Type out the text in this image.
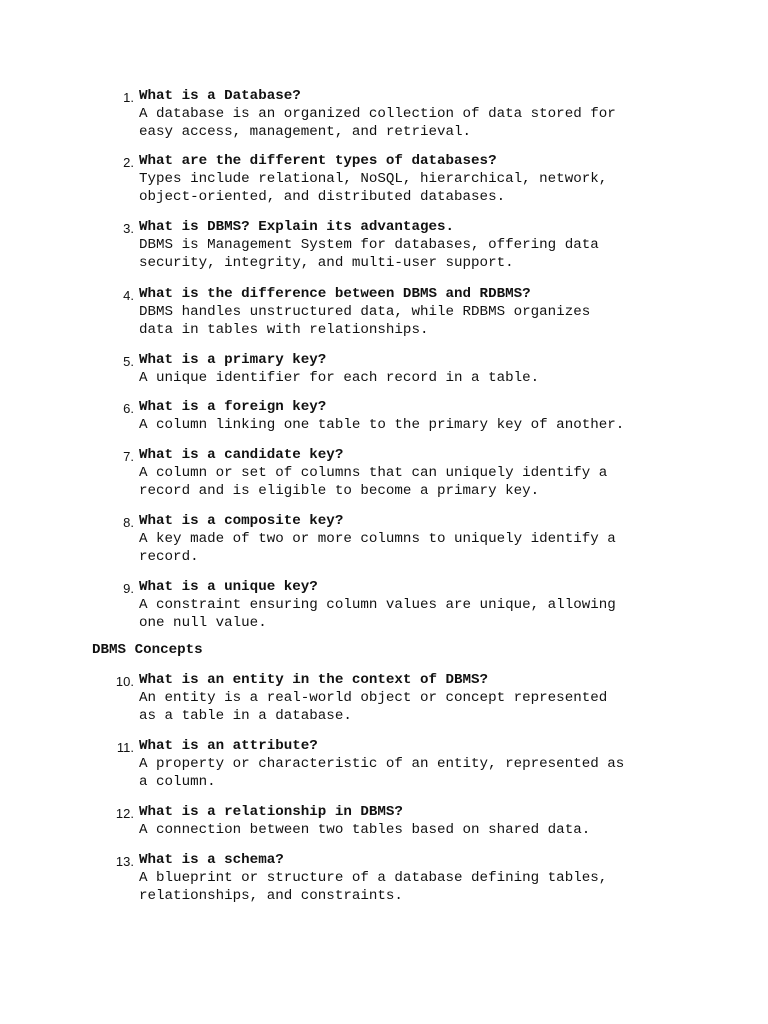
1. What is a Database?
A database is an organized collection of data stored for
easy access, management, and retrieval.
2. What are the different types of databases?
Types include relational, NoSQL, hierarchical, network,
object-oriented, and distributed databases.
3. What is DBMS? Explain its advantages.
DBMS is Management System for databases, offering data
security, integrity, and multi-user support.
4. What is the difference between DBMS and RDBMS?
DBMS handles unstructured data, while RDBMS organizes
data in tables with relationships.
5. What is a primary key?
A unique identifier for each record in a table.
6. What is a foreign key?
A column linking one table to the primary key of another.
7. What is a candidate key?
A column or set of columns that can uniquely identify a
record and is eligible to become a primary key.
8. What is a composite key?
A key made of two or more columns to uniquely identify a
record.
9. What is a unique key?
A constraint ensuring column values are unique, allowing
one null value.
DBMS Concepts
10. What is an entity in the context of DBMS?
An entity is a real-world object or concept represented
as a table in a database.
11. What is an attribute?
A property or characteristic of an entity, represented as
a column.
12. What is a relationship in DBMS?
A connection between two tables based on shared data.
13. What is a schema?
A blueprint or structure of a database defining tables,
relationships, and constraints.
